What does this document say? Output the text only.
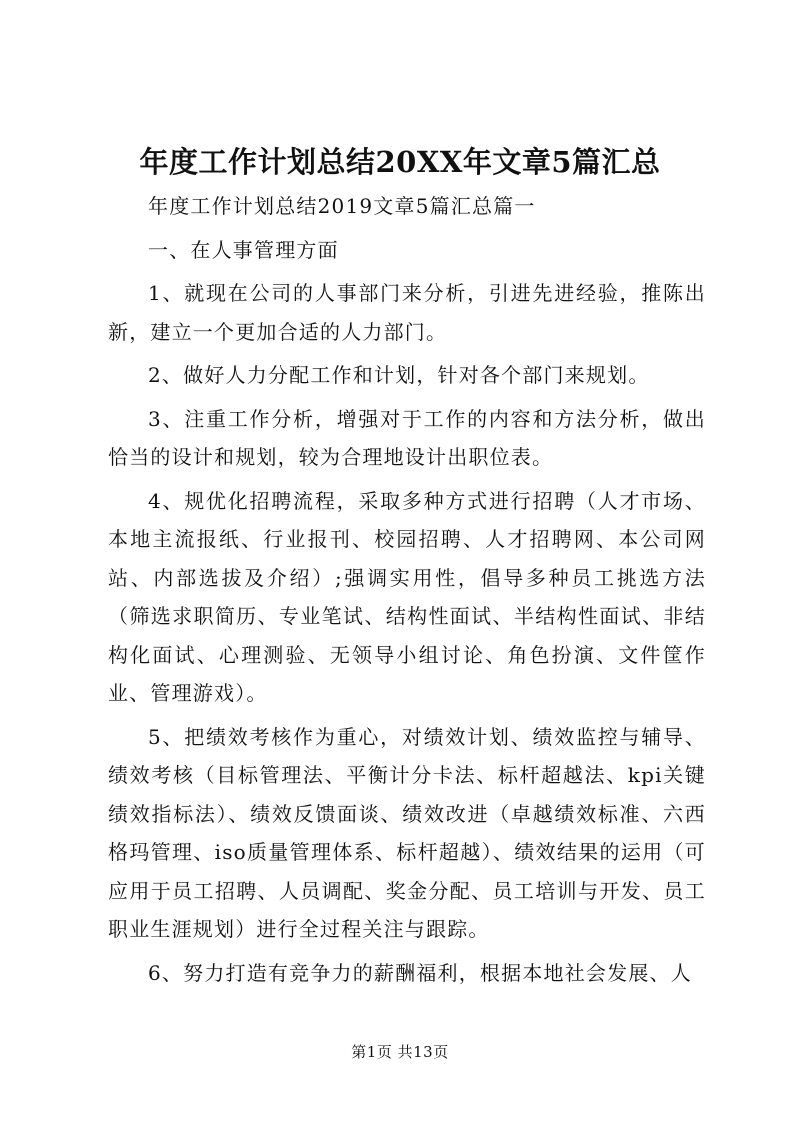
年度工作计划总结20XX年文章5篇汇总

年度工作计划总结2019文章5篇汇总篇一

一、在人事管理方面

1、就现在公司的人事部门来分析，引进先进经验，推陈出新，建立一个更加合适的人力部门。

2、做好人力分配工作和计划，针对各个部门来规划。

3、注重工作分析，增强对于工作的内容和方法分析，做出恰当的设计和规划，较为合理地设计出职位表。

4、规优化招聘流程，采取多种方式进行招聘（人才市场、本地主流报纸、行业报刊、校园招聘、人才招聘网、本公司网站、内部选拔及介绍）;强调实用性，倡导多种员工挑选方法（筛选求职简历、专业笔试、结构性面试、半结构性面试、非结构化面试、心理测验、无领导小组讨论、角色扮演、文件筐作业、管理游戏）。

5、把绩效考核作为重心，对绩效计划、绩效监控与辅导、绩效考核（目标管理法、平衡计分卡法、标杆超越法、kpi关键绩效指标法）、绩效反馈面谈、绩效改进（卓越绩效标准、六西格玛管理、iso质量管理体系、标杆超越）、绩效结果的运用（可应用于员工招聘、人员调配、奖金分配、员工培训与开发、员工职业生涯规划）进行全过程关注与跟踪。

6、努力打造有竞争力的薪酬福利，根据本地社会发展、人

第1页 共13页
